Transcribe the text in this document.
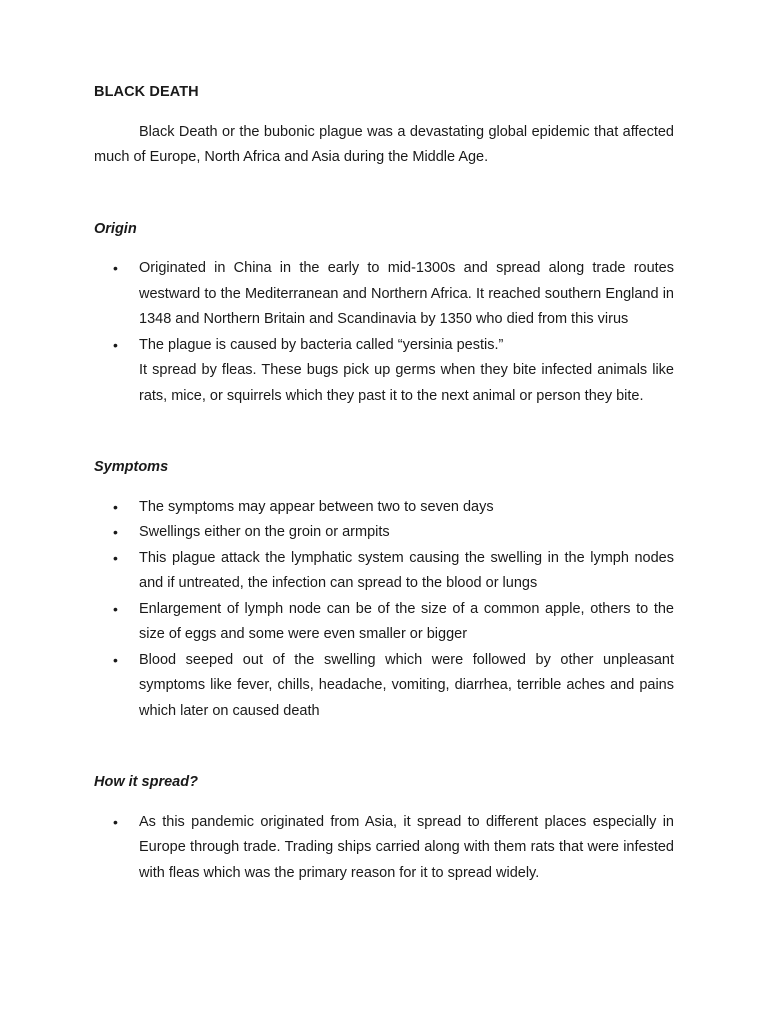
BLACK DEATH

Black Death or the bubonic plague was a devastating global epidemic that affected much of Europe, North Africa and Asia during the Middle Age.

Origin
• Originated in China in the early to mid-1300s and spread along trade routes westward to the Mediterranean and Northern Africa. It reached southern England in 1348 and Northern Britain and Scandinavia by 1350 who died from this virus
• The plague is caused by bacteria called “yersinia pestis.”
It spread by fleas. These bugs pick up germs when they bite infected animals like rats, mice, or squirrels which they past it to the next animal or person they bite.
Symptoms
• The symptoms may appear between two to seven days
• Swellings either on the groin or armpits
• This plague attack the lymphatic system causing the swelling in the lymph nodes and if untreated, the infection can spread to the blood or lungs
• Enlargement of lymph node can be of the size of a common apple, others to the size of eggs and some were even smaller or bigger
• Blood seeped out of the swelling which were followed by other unpleasant symptoms like fever, chills, headache, vomiting, diarrhea, terrible aches and pains which later on caused death
How it spread?
• As this pandemic originated from Asia, it spread to different places especially in Europe through trade. Trading ships carried along with them rats that were infested with fleas which was the primary reason for it to spread widely.
